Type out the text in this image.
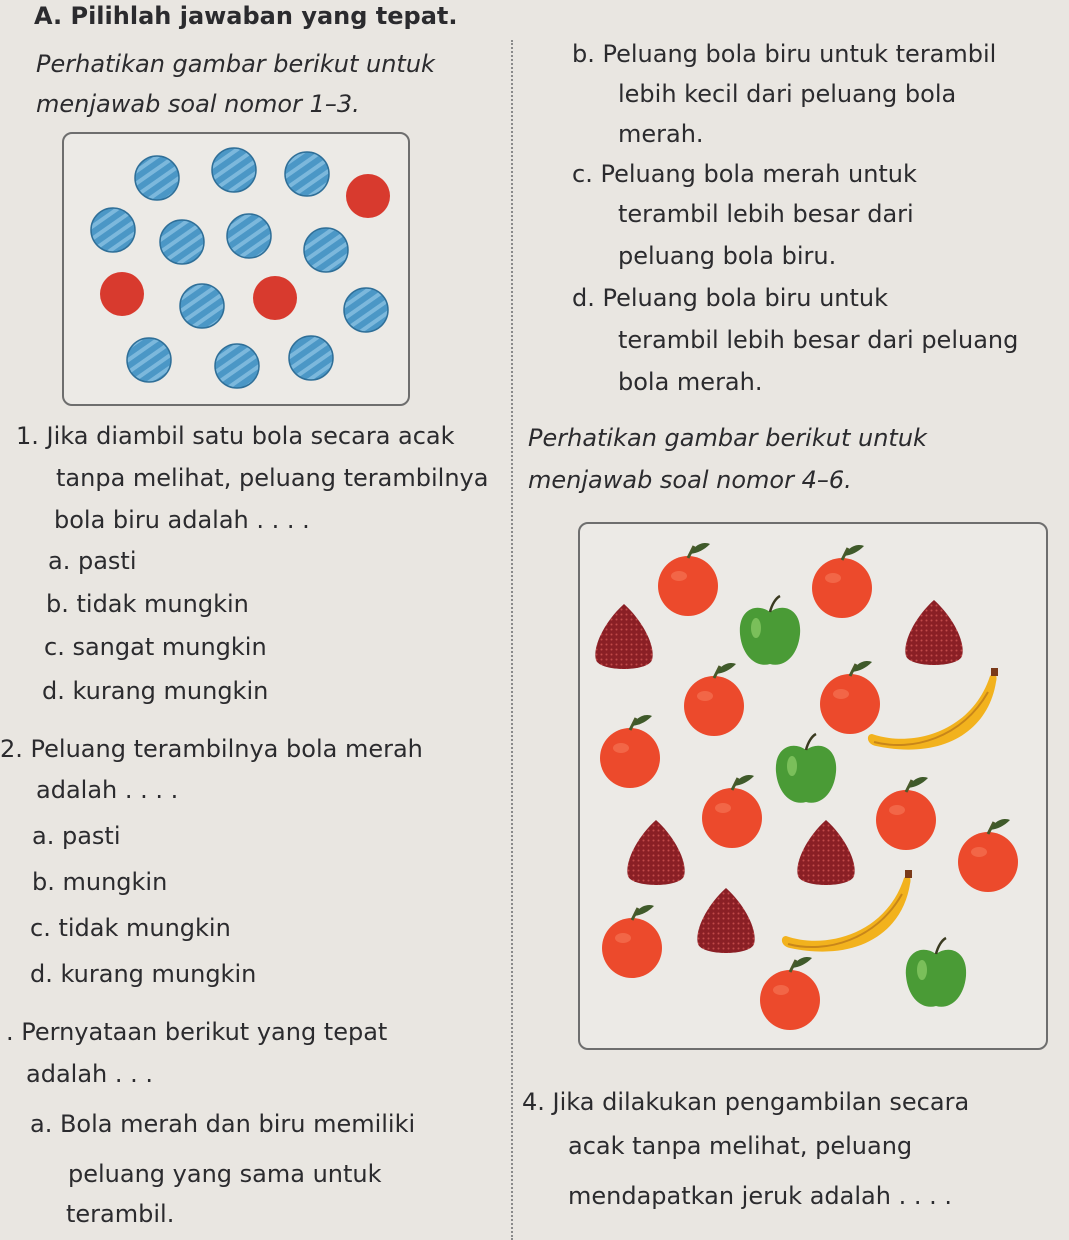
A. Pilihlah jawaban yang tepat.
Perhatikan gambar berikut untuk
menjawab soal nomor 1–3.
1. Jika diambil satu bola secara acak
tanpa melihat, peluang terambilnya
bola biru adalah . . . .
a. pasti
b. tidak mungkin
c. sangat mungkin
d. kurang mungkin
2. Peluang terambilnya bola merah
adalah . . . .
a. pasti
b. mungkin
c. tidak mungkin
d. kurang mungkin
. Pernyataan berikut yang tepat
adalah . . .
a. Bola merah dan biru memiliki
peluang yang sama untuk
terambil.
b. Peluang bola biru untuk terambil
lebih kecil dari peluang bola
merah.
c. Peluang bola merah untuk
terambil lebih besar dari
peluang bola biru.
d. Peluang bola biru untuk
terambil lebih besar dari peluang
bola merah.
Perhatikan gambar berikut untuk
menjawab soal nomor 4–6.
4. Jika dilakukan pengambilan secara
acak tanpa melihat, peluang
mendapatkan jeruk adalah . . . .
